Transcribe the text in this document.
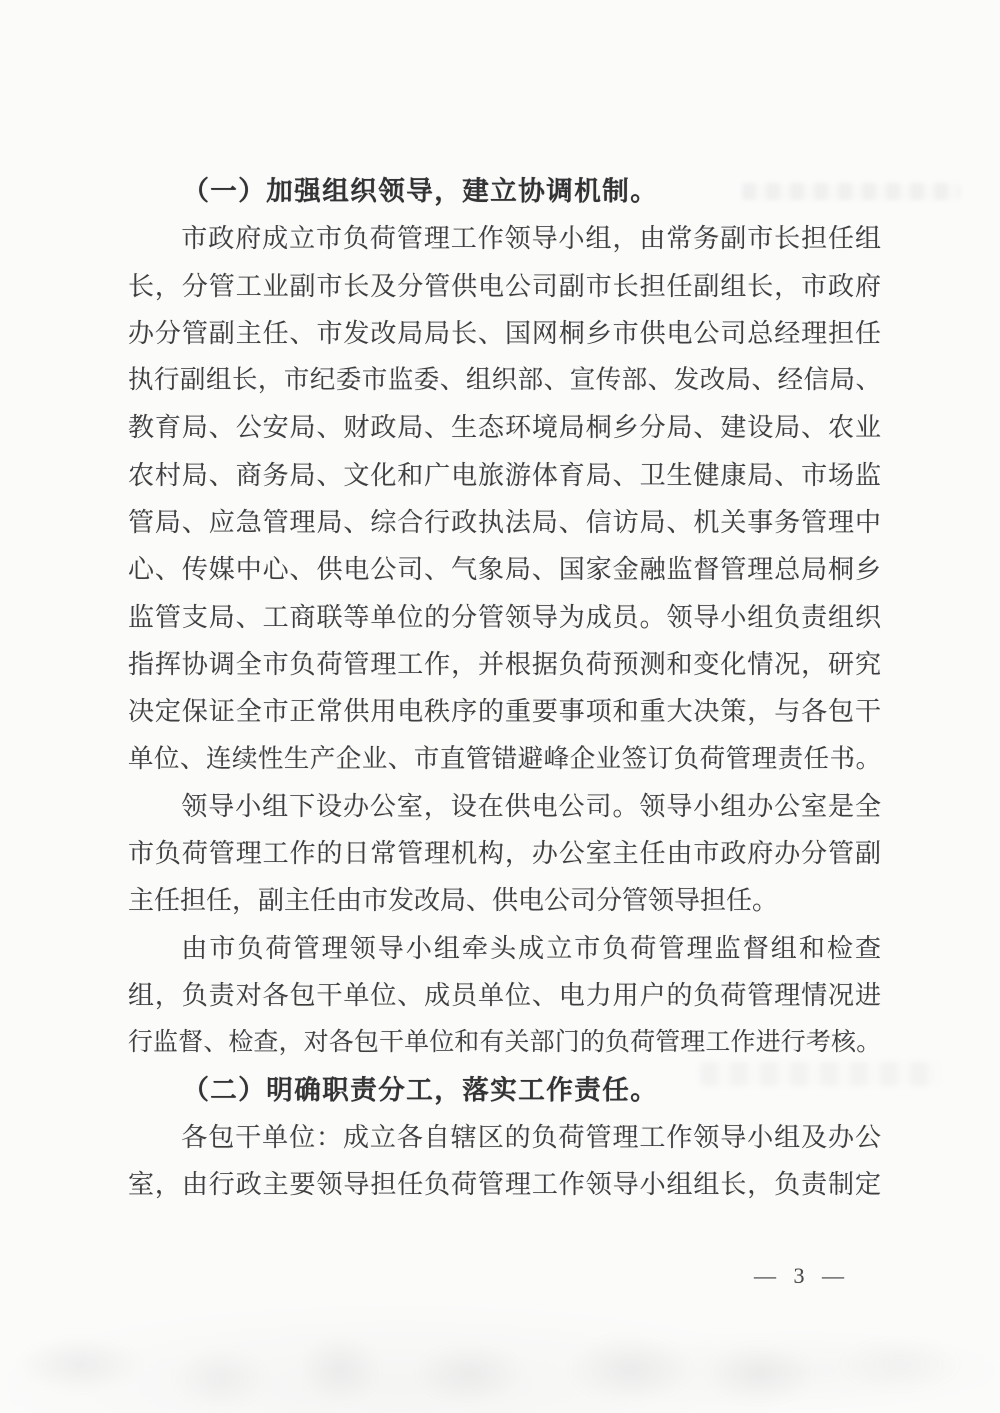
（一）加强组织领导，建立协调机制。
市政府成立市负荷管理工作领导小组，由常务副市长担任组
长，分管工业副市长及分管供电公司副市长担任副组长，市政府
办分管副主任、市发改局局长、国网桐乡市供电公司总经理担任
执行副组长，市纪委市监委、组织部、宣传部、发改局、经信局、
教育局、公安局、财政局、生态环境局桐乡分局、建设局、农业
农村局、商务局、文化和广电旅游体育局、卫生健康局、市场监
管局、应急管理局、综合行政执法局、信访局、机关事务管理中
心、传媒中心、供电公司、气象局、国家金融监督管理总局桐乡
监管支局、工商联等单位的分管领导为成员。领导小组负责组织
指挥协调全市负荷管理工作，并根据负荷预测和变化情况，研究
决定保证全市正常供用电秩序的重要事项和重大决策，与各包干
单位、连续性生产企业、市直管错避峰企业签订负荷管理责任书。
领导小组下设办公室，设在供电公司。领导小组办公室是全
市负荷管理工作的日常管理机构，办公室主任由市政府办分管副
主任担任，副主任由市发改局、供电公司分管领导担任。
由市负荷管理领导小组牵头成立市负荷管理监督组和检查
组，负责对各包干单位、成员单位、电力用户的负荷管理情况进
行监督、检查，对各包干单位和有关部门的负荷管理工作进行考核。
（二）明确职责分工，落实工作责任。
各包干单位：成立各自辖区的负荷管理工作领导小组及办公
室，由行政主要领导担任负荷管理工作领导小组组长，负责制定
— 3 —
